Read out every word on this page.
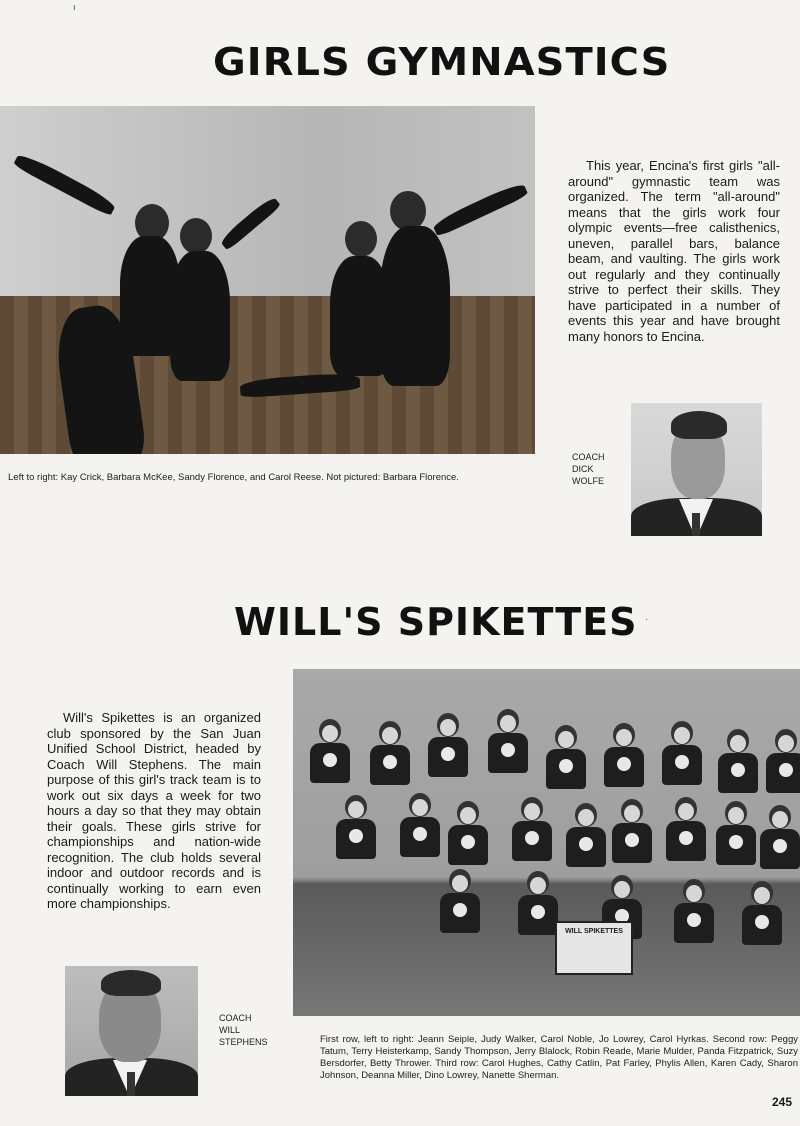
ı
GIRLS GYMNASTICS
Left to right: Kay Crick, Barbara McKee, Sandy Florence, and Carol Reese. Not pictured: Barbara Florence.
This year, Encina's first girls "all-around" gymnastic team was organized. The term "all-around" means that the girls work four olympic events—free calisthenics, uneven, parallel bars, balance beam, and vaulting. The girls work out regularly and they continually strive to perfect their skills. They have participated in a number of events this year and have brought many honors to Encina.
COACH
DICK
WOLFE
·
WILL'S SPIKETTES
Will's Spikettes is an organized club sponsored by the San Juan Unified School District, headed by Coach Will Stephens. The main purpose of this girl's track team is to work out six days a week for two hours a day so that they may obtain their goals. These girls strive for championships and nation-wide recognition. The club holds several indoor and outdoor records and is continually working to earn even more championships.
WILL SPIKETTES
COACH
WILL
STEPHENS	First row, left to right: Jeann Seiple, Judy Walker, Carol Noble, Jo Lowrey, Carol Hyrkas. Second row: Peggy Tatum, Terry Heisterkamp, Sandy Thompson, Jerry Blalock, Robin Reade, Marie Mulder, Panda Fitzpatrick, Suzy Bersdorfer, Betty Thrower. Third row: Carol Hughes, Cathy Catlin, Pat Farley, Phylis Allen, Karen Cady, Sharon Johnson, Deanna Miller, Dino Lowrey, Nanette Sherman.
245
